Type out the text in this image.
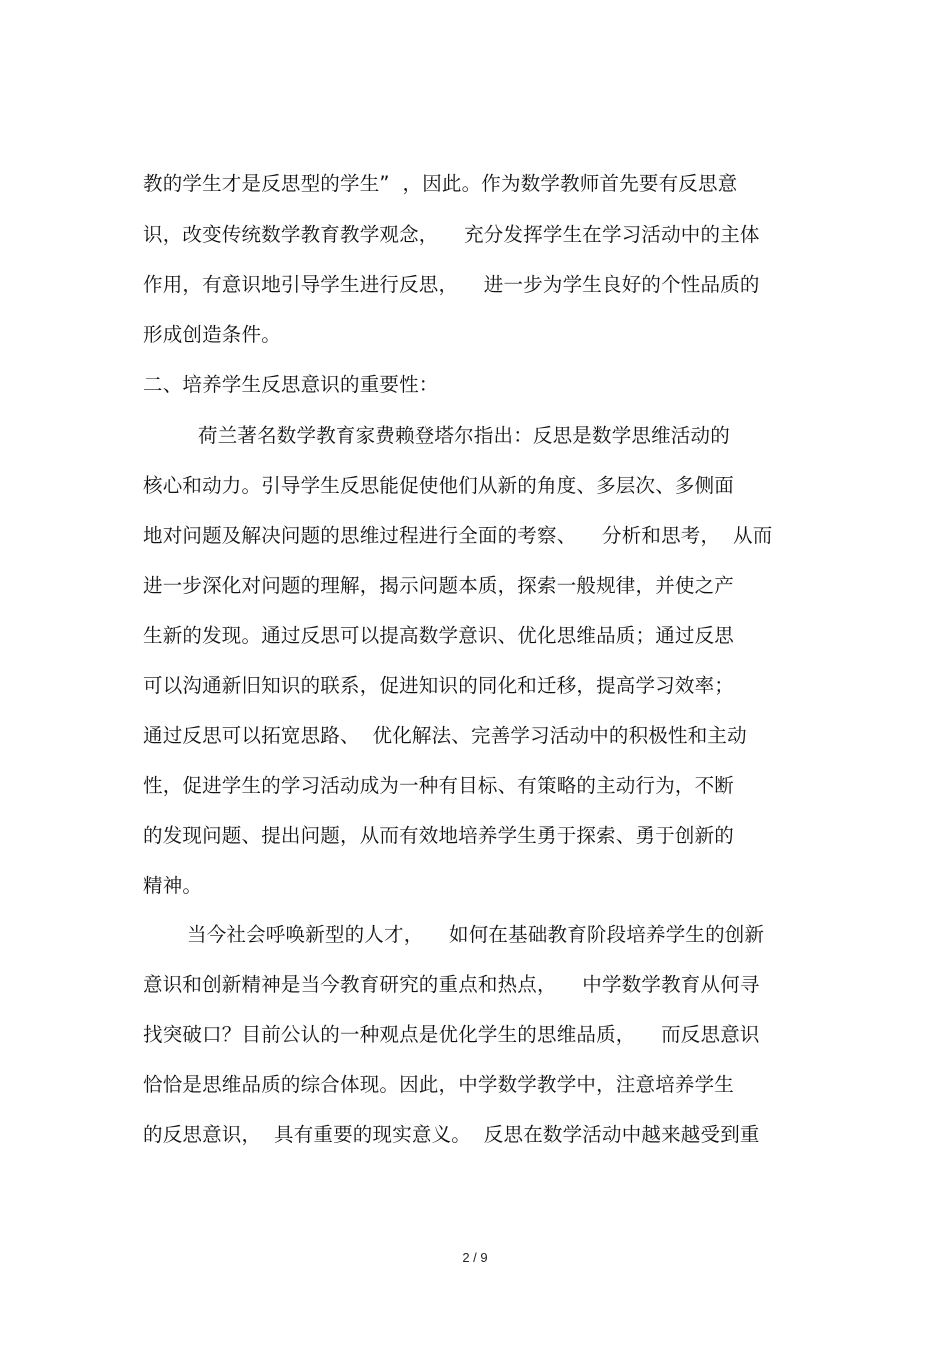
教的学生才是反思型的学生”  ，因此。作为数学教师首先要有反思意
识，改变传统数学教育教学观念，    充分发挥学生在学习活动中的主体
作用，有意识地引导学生进行反思，    进一步为学生良好的个性品质的
形成创造条件。
二、培养学生反思意识的重要性：
荷兰著名数学教育家费赖登塔尔指出：反思是数学思维活动的
核心和动力。引导学生反思能促使他们从新的角度、多层次、多侧面
地对问题及解决问题的思维过程进行全面的考察、    分析和思考，  从而
进一步深化对问题的理解，揭示问题本质，探索一般规律，并使之产
生新的发现。通过反思可以提高数学意识、优化思维品质；通过反思
可以沟通新旧知识的联系，促进知识的同化和迁移，提高学习效率；
通过反思可以拓宽思路、  优化解法、完善学习活动中的积极性和主动
性，促进学生的学习活动成为一种有目标、有策略的主动行为，不断
的发现问题、提出问题，从而有效地培养学生勇于探索、勇于创新的
精神。
当今社会呼唤新型的人才，    如何在基础教育阶段培养学生的创新
意识和创新精神是当今教育研究的重点和热点，    中学数学教育从何寻
找突破口？目前公认的一种观点是优化学生的思维品质，    而反思意识
恰恰是思维品质的综合体现。因此，中学数学教学中，注意培养学生
的反思意识，  具有重要的现实意义。  反思在数学活动中越来越受到重
2 / 9
